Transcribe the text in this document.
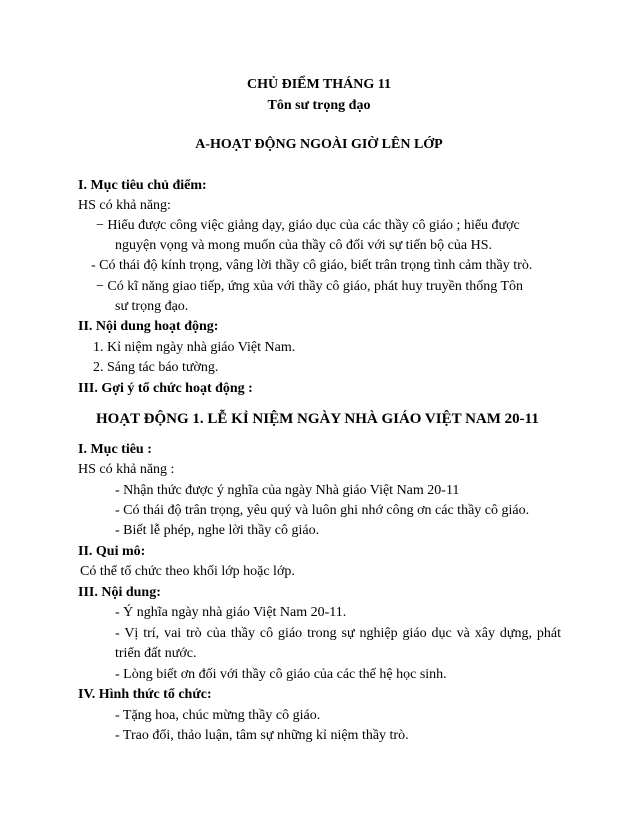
CHỦ ĐIỂM THÁNG 11
Tôn sư trọng đạo
A-HOẠT ĐỘNG NGOÀI GIỜ LÊN LỚP
I. Mục tiêu chủ điểm:
HS có khả năng:
− Hiểu được công việc giảng dạy, giáo dục của các thầy cô giáo ; hiểu được
nguyện vọng và mong muốn của thầy cô đối với sự tiến bộ của HS.
- Có thái độ kính trọng, vâng lời thầy cô giáo, biết trân trọng tình cảm thầy trò.
− Có kĩ năng giao tiếp, ứng xủa với thầy cô giáo, phát huy truyền thống Tôn
sư trọng đạo.
II. Nội dung hoạt động:
1. Kỉ niệm ngày nhà giáo Việt Nam.
2. Sáng tác báo tường.
III. Gợi ý tổ chức hoạt động :
HOẠT ĐỘNG 1. LỄ KỈ NIỆM NGÀY NHÀ GIÁO VIỆT NAM 20-11
I. Mục tiêu :
HS có khả năng :
- Nhận thức được ý nghĩa của ngày Nhà giáo Việt Nam 20-11
- Có thái độ trân trọng, yêu quý và luôn ghi nhớ công ơn các thầy cô giáo.
- Biết lễ phép, nghe lời thầy cô giáo.
II. Qui mô:
Có thể tổ chức theo khối lớp hoặc lớp.
III. Nội dung:
- Ý nghĩa ngày nhà giáo Việt Nam 20-11.
- Vị trí, vai trò của thầy cô giáo trong sự nghiệp giáo dục và xây dựng, phát
triển đất nước.
- Lòng biết ơn đối với thầy cô giáo của các thế hệ học sinh.
IV. Hình thức tổ chức:
- Tặng hoa, chúc mừng thầy cô giáo.
- Trao đổi, thảo luận, tâm sự những kỉ niệm thầy trò.
